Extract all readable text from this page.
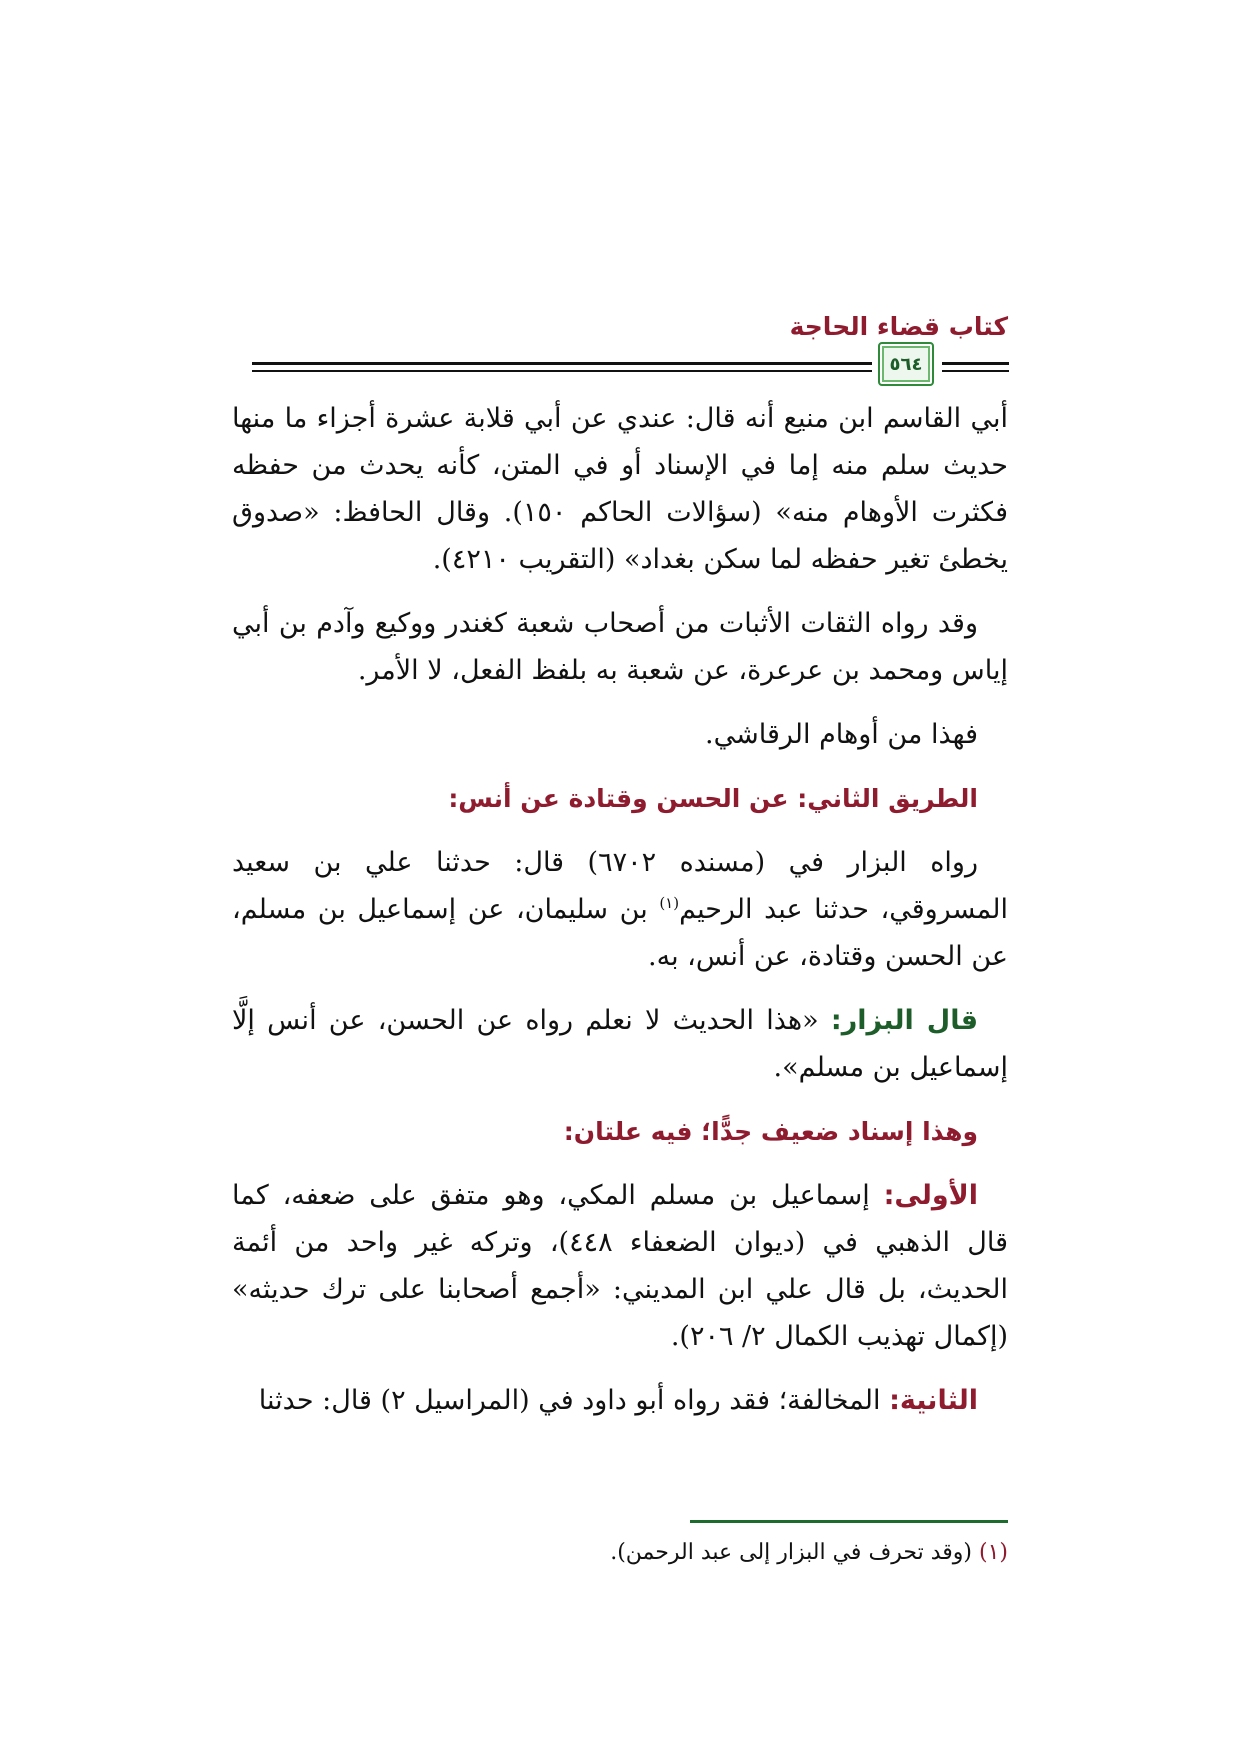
كتاب قضاء الحاجة
٥٦٤

أبي القاسم ابن منيع أنه قال: عندي عن أبي قلابة عشرة أجزاء ما منها حديث سلم منه إما في الإسناد أو في المتن، كأنه يحدث من حفظه فكثرت الأوهام منه» (سؤالات الحاكم ١٥٠). وقال الحافظ: «صدوق يخطئ تغير حفظه لما سكن بغداد» (التقريب ٤٢١٠).

وقد رواه الثقات الأثبات من أصحاب شعبة كغندر ووكيع وآدم بن أبي إياس ومحمد بن عرعرة، عن شعبة به بلفظ الفعل، لا الأمر.

فهذا من أوهام الرقاشي.

الطريق الثاني: عن الحسن وقتادة عن أنس:

رواه البزار في (مسنده ٦٧٠٢) قال: حدثنا علي بن سعيد المسروقي، حدثنا عبد الرحيم$^{(١)}$ بن سليمان، عن إسماعيل بن مسلم، عن الحسن وقتادة، عن أنس، به.

قال البزار: «هذا الحديث لا نعلم رواه عن الحسن، عن أنس إلَّا إسماعيل بن مسلم».

وهذا إسناد ضعيف جدًّا؛ فيه علتان:

الأولى: إسماعيل بن مسلم المكي، وهو متفق على ضعفه، كما قال الذهبي في (ديوان الضعفاء ٤٤٨)، وتركه غير واحد من أئمة الحديث، بل قال علي ابن المديني: «أجمع أصحابنا على ترك حديثه» (إكمال تهذيب الكمال ٢/ ٢٠٦).

الثانية: المخالفة؛ فقد رواه أبو داود في (المراسيل ٢) قال: حدثنا

(١) (وقد تحرف في البزار إلى عبد الرحمن).
